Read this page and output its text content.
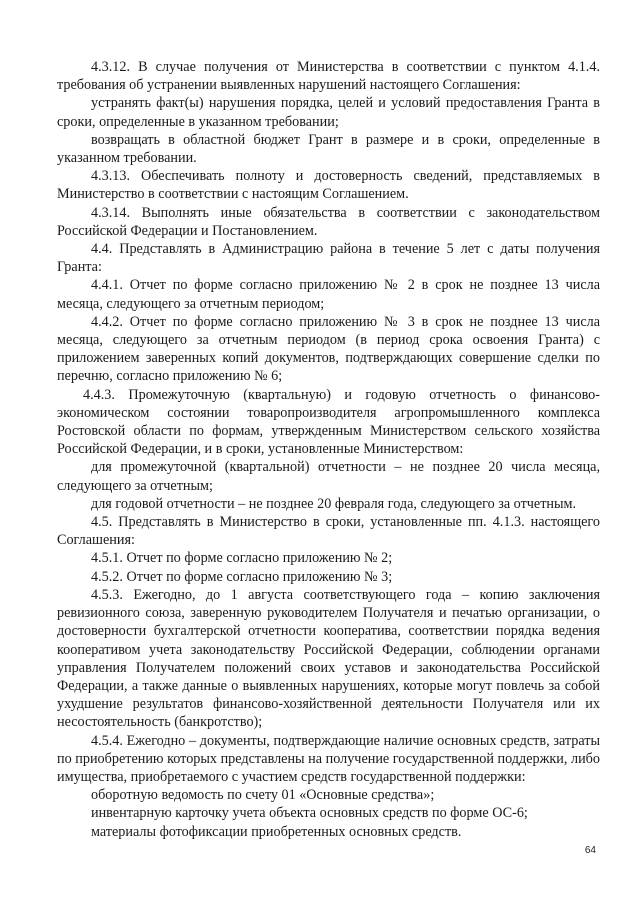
4.3.12. В случае получения от Министерства в соответствии с пунктом 4.1.4. требования об устранении выявленных нарушений настоящего Соглашения:

устранять факт(ы) нарушения порядка, целей и условий предоставления Гранта в сроки, определенные в указанном требовании;

возвращать в областной бюджет Грант в размере и в сроки, определенные в указанном требовании.

4.3.13. Обеспечивать полноту и достоверность сведений, представляемых в Министерство в соответствии с настоящим Соглашением.

4.3.14. Выполнять иные обязательства в соответствии с законодательством Российской Федерации и Постановлением.

4.4. Представлять в Администрацию района в течение 5 лет с даты получения Гранта:

4.4.1. Отчет по форме согласно приложению № 2 в срок не позднее 13 числа месяца, следующего за отчетным периодом;

4.4.2. Отчет по форме согласно приложению № 3 в срок не позднее 13 числа месяца, следующего за отчетным периодом (в период срока освоения Гранта) с приложением заверенных копий документов, подтверждающих совершение сделки по перечню, согласно приложению № 6;

4.4.3. Промежуточную (квартальную) и годовую отчетность о финансово-экономическом состоянии товаропроизводителя агропромышленного комплекса Ростовской области по формам, утвержденным Министерством сельского хозяйства Российской Федерации, и в сроки, установленные Министерством:

для промежуточной (квартальной) отчетности – не позднее 20 числа месяца, следующего за отчетным;

для годовой отчетности – не позднее 20 февраля года, следующего за отчетным.

4.5. Представлять в Министерство в сроки, установленные пп. 4.1.3. настоящего Соглашения:

4.5.1. Отчет по форме согласно приложению № 2;

4.5.2. Отчет по форме согласно приложению № 3;

4.5.3. Ежегодно, до 1 августа соответствующего года – копию заключения ревизионного союза, заверенную руководителем Получателя и печатью организации, о достоверности бухгалтерской отчетности кооператива, соответствии порядка ведения кооперативом учета законодательству Российской Федерации, соблюдении органами управления Получателем положений своих уставов и законодательства Российской Федерации, а также данные о выявленных нарушениях, которые могут повлечь за собой ухудшение результатов финансово-хозяйственной деятельности Получателя или их несостоятельность (банкротство);

4.5.4. Ежегодно – документы, подтверждающие наличие основных средств, затраты по приобретению которых представлены на получение государственной поддержки, либо имущества, приобретаемого с участием средств государственной поддержки:

оборотную ведомость по счету 01 «Основные средства»;

инвентарную карточку учета объекта основных средств по форме ОС-6;

материалы фотофиксации приобретенных основных средств.

64
